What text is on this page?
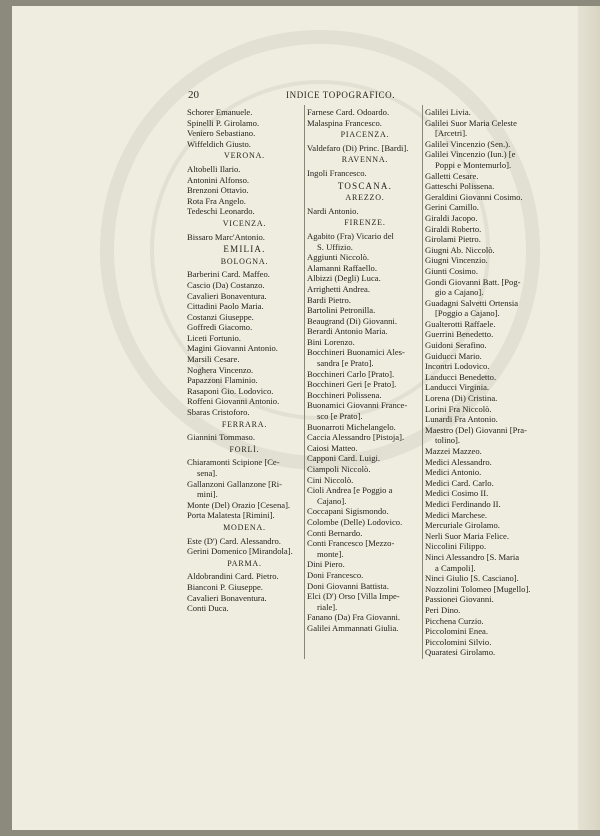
20	INDICE TOPOGRAFICO.
Schorer Emanuele.
Spinelli P. Girolamo.
Veniero Sebastiano.
Wiffeldich Giusto.
VERONA.
Altobelli Ilario.
Antonini Alfonso.
Brenzoni Ottavio.
Rota Fra Angelo.
Tedeschi Leonardo.
VICENZA.
Bissaro Marc'Antonio.
EMILIA.
BOLOGNA.
Barberini Card. Maffeo.
Cascio (Da) Costanzo.
Cavalieri Bonaventura.
Cittadini Paolo Maria.
Costanzi Giuseppe.
Goffredi Giacomo.
Liceti Fortunio.
Magini Giovanni Antonio.
Marsili Cesare.
Noghera Vincenzo.
Papazzoni Flaminio.
Rasaponi Gio. Lodovico.
Roffeni Giovanni Antonio.
Sbaras Cristoforo.
FERRARA.
Giannini Tommaso.
FORLÌ.
Chiaramonti Scipione [Ce-
sena].
Gallanzoni Gallanzone [Ri-
mini].
Monte (Del) Orazio [Cesena].
Porta Malatesta [Rimini].
MODENA.
Este (D') Card. Alessandro.
Gerini Domenico [Mirandola].
PARMA.
Aldobrandini Card. Pietro.
Bianconi P. Giuseppe.
Cavalieri Bonaventura.
Conti Duca.
Farnese Card. Odoardo.
Malaspina Francesco.
PIACENZA.
Valdefaro (Di) Princ. [Bardi].
RAVENNA.
Ingoli Francesco.
TOSCANA.
AREZZO.
Nardi Antonio.
FIRENZE.
Agabito (Fra) Vicario del
S. Uffizio.
Aggiunti Niccolò.
Alamanni Raffaello.
Albizzi (Degli) Luca.
Arrighetti Andrea.
Bardi Pietro.
Bartolini Petronilla.
Beaugrand (Di) Giovanni.
Berardi Antonio Maria.
Bini Lorenzo.
Bocchineri Buonamici Ales-
sandra [e Prato].
Bocchineri Carlo [Prato].
Bocchineri Geri [e Prato].
Bocchineri Polissena.
Buonamici Giovanni France-
sco [e Prato].
Buonarroti Michelangelo.
Caccia Alessandro [Pistoja].
Caiosi Matteo.
Capponi Card. Luigi.
Ciampoli Niccolò.
Cini Niccolò.
Cioli Andrea [e Poggio a
Cajano].
Coccapani Sigismondo.
Colombe (Delle) Lodovico.
Conti Bernardo.
Conti Francesco [Mezzo-
monte].
Dini Piero.
Doni Francesco.
Doni Giovanni Battista.
Elci (D') Orso [Villa Impe-
riale].
Fanano (Da) Fra Giovanni.
Galilei Ammannati Giulia.
Galilei Livia.
Galilei Suor Maria Celeste
[Arcetri].
Galilei Vincenzio (Sen.).
Galilei Vincenzio (Iun.) [e
Poppi e Montemurlo].
Galletti Cesare.
Gatteschi Polissena.
Geraldini Giovanni Cosimo.
Gerini Camillo.
Giraldi Jacopo.
Giraldi Roberto.
Girolami Pietro.
Giugni Ab. Niccolò.
Giugni Vincenzio.
Giunti Cosimo.
Gondi Giovanni Batt. [Pog-
gio a Cajano].
Guadagni Salvetti Ortensia
[Poggio a Cajano].
Gualterotti Raffaele.
Guerrini Benedetto.
Guidoni Serafino.
Guiducci Mario.
Incontri Lodovico.
Landucci Benedetto.
Landucci Virginia.
Lorena (Di) Cristina.
Lorini Fra Niccolò.
Lunardi Fra Antonio.
Maestro (Del) Giovanni [Pra-
tolino].
Mazzei Mazzeo.
Medici Alessandro.
Medici Antonio.
Medici Card. Carlo.
Medici Cosimo II.
Medici Ferdinando II.
Medici Marchese.
Mercuriale Girolamo.
Nerli Suor Maria Felice.
Niccolini Filippo.
Ninci Alessandro [S. Maria
a Campoli].
Ninci Giulio [S. Casciano].
Nozzolini Tolomeo [Mugello].
Passionei Giovanni.
Peri Dino.
Picchena Curzio.
Piccolomini Enea.
Piccolomini Silvio.
Quaratesi Girolamo.
